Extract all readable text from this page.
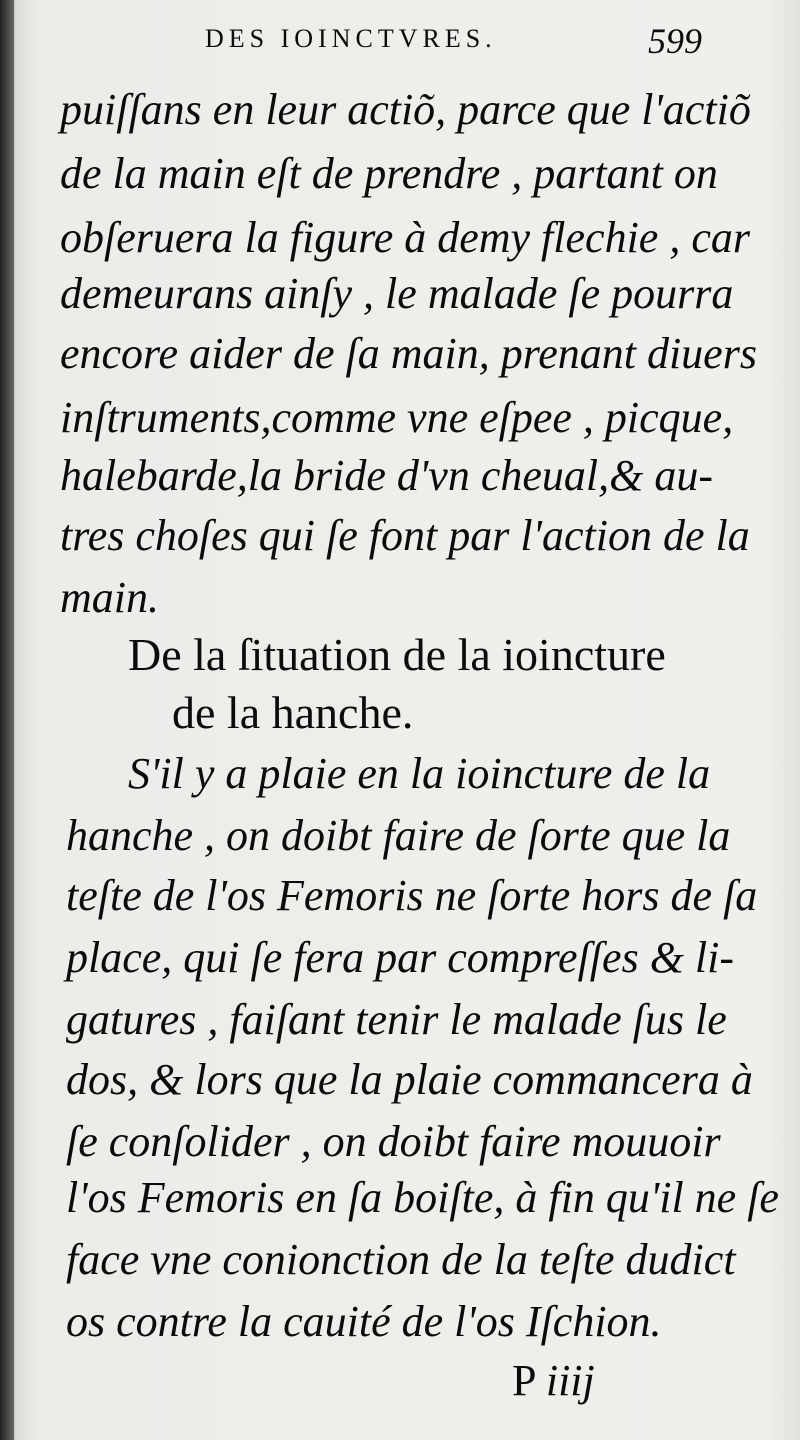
DES IOINCTVRES.	599
puiſſans en leur actiõ, parce que l'actiõ
de la main eſt de prendre , partant on
obſeruera la figure à demy flechie , car
demeurans ainſy , le malade ſe pourra
encore aider de ſa main, prenant diuers
inſtruments,comme vne eſpee , picque,
halebarde,la bride d'vn cheual,& au-
tres choſes qui ſe font par l'action de la
main.
De la ſituation de la ioincture
de la hanche.
S'il y a plaie en la ioincture de la
hanche , on doibt faire de ſorte que la
teſte de l'os Femoris ne ſorte hors de ſa
place, qui ſe fera par compreſſes & li-
gatures , faiſant tenir le malade ſus le
dos, & lors que la plaie commancera à
ſe conſolider , on doibt faire mouuoir
l'os Femoris en ſa boiſte, à fin qu'il ne ſe
face vne conionction de la teſte dudict
os contre la cauité de l'os Iſchion.
P iiij
